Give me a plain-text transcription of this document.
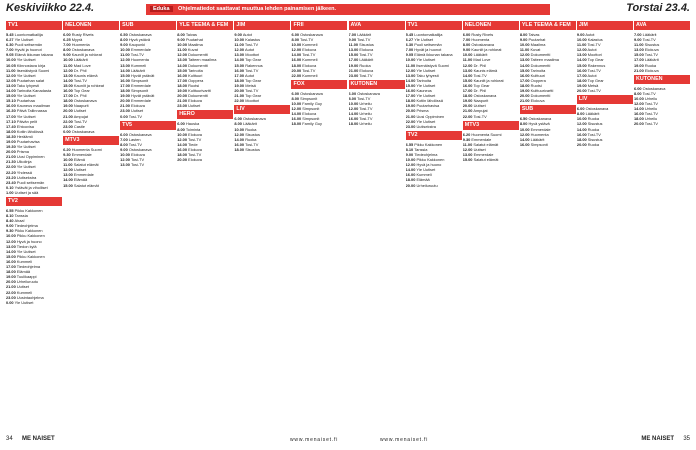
Keskiviikko 22.4.	Eduka Ohjelmatiedot saattavat muuttua lehden painamisen jälkeen.	Torstai 23.4.
TV1
5.45 Luontomatkailija
6.27 Yle Uutiset
6.30 Puoli seitsemän
7.00 Hyvät ja huonot
9.05 Elämä ikkunan takana
10.00 Yle Uutiset
10.05 Kiinnostava kirja
11.00 Itsenäistyvä Suomi
12.00 Yle Uutiset
12.05 Puutarhan salat
13.00 Taku lyhyesti
14.00 Tarinoita Kanadasta
15.00 Yle Uutiset
15.10 Puutarhaa
16.00 Kauneus maailman
16.30 Päivä Tallinnassa
17.00 Yle Uutiset
17.10 Päivän pelit
17.40 Ehtoovisa
18.00 Kotiin lähdössä
18.30 Heräämö
19.00 Puutarhavisa
19.30 Yle Uutiset
20.00 Prisma
21.00 Uusi Oppiminen
21.30 Ulkolinja
22.00 Yle Uutiset
22.20 Yhdessä
23.20 Uutisekstra
23.40 Puoli seitsemän
0.10 Ystävät ja viholliset
1.00 Uutiset ja sää
TV2
6.55 Pikku Kakkonen
8.10 Tanssia
8.40 Ahaa!
9.00 Tiedeohjelma
9.30 Pikku Kakkonen
10.00 Pikku Kakkonen
12.00 Hyvä ja huono
13.00 Tiedon kylä
14.00 Yle Uutiset
15.00 Pikku Kakkonen
16.00 Kummeli
17.00 Tiedeohjelma
18.00 Elämää
19.00 Tuulikaappi
20.00 Urheiluruutu
21.00 Uutiset
22.00 Kummeli
23.00 Uusintaohjelma
0.00 Yle Uutiset
NELONEN
6.00 Rusty Rivets
6.25 Myyrä
7.00 Huomenta
8.00 Ostoskanava
9.00 Kauniit ja rohkeat
10.00 Lääkärit
11.00 Mad Love
12.00 Dr. Phil
13.00 Kaunis elämä
14.00 Tosi-TV
15.00 Kauniit ja rohkeat
16.00 Top Gear
17.00 Dr. Phil
18.00 Ostoskanava
19.00 Naapurit
20.00 Uutiset
21.00 Ampujat
22.00 Tosi-TV
23.00 Castle
0.00 Ostoskanava
MTV3
6.20 Huomenta Suomi
9.30 Emmerdale
10.00 Elämä
11.00 Salatut elämät
12.00 Uutiset
13.00 Emmerdale
14.00 Elämää
15.00 Salatut elämät
SUB
6.50 Ostoskanava
8.00 Hyvä ystävä
9.00 Kaupunki
10.00 Emmerdale
11.00 Tosi-TV
12.00 Huomenta
13.00 Kummeli
14.00 Lääkärit
15.00 Hyvät ystävät
16.00 Simpsonit
17.00 Emmerdale
18.00 Simpsonit
19.00 Hyvät ystävät
20.00 Emmerdale
21.00 Elokuva
23.00 Uutiset
0.00 Tosi-TV
TV5
6.00 Ostoskanava
7.00 Lasten
8.00 Tosi-TV
9.00 Ostoskanava
10.00 Elokuva
12.00 Tosi-TV
13.00 Tosi-TV
YLE TEEMA & FEM
8.00 Taivas
9.00 Puutarhat
10.00 Maailma
11.00 Kuvat
12.00 Dokumentti
13.00 Taiteen maailma
14.00 Dokumentti
15.00 Tarinoita
16.00 Kulttuuri
17.00 Ooppera
18.00 Ruotsi
19.00 Kulttuurivartti
20.00 Dokumentti
21.00 Elokuva
23.00 Uutiset
HERO
6.00 Hauska
8.00 Toiminta
10.00 Elokuva
12.00 Tosi-TV
14.00 Tiede
16.00 Elokuva
18.00 Tosi-TV
20.00 Elokuva
JIM
9.00 Autot
10.00 Kalastus
11.00 Tosi-TV
12.00 Autot
13.00 Moottori
14.00 Top Gear
15.00 Rakennus
16.00 Tosi-TV
17.00 Autot
18.00 Top Gear
19.00 Metsä
20.00 Tosi-TV
21.00 Top Gear
22.00 Moottori
LIV
6.00 Ostoskanava
8.00 Lääkärit
10.00 Ruoka
12.00 Sisustus
14.00 Ruoka
16.00 Tosi-TV
18.00 Sisustus
FRII
6.00 Ostoskanava
8.00 Tosi-TV
10.00 Kummeli
12.00 Elokuva
14.00 Tosi-TV
16.00 Kummeli
18.00 Elokuva
20.00 Tosi-TV
22.00 Kummeli
FOX
6.00 Ostoskanava
8.00 Simpsonit
10.00 Family Guy
12.00 Simpsonit
14.00 Elokuva
16.00 Simpsonit
18.00 Family Guy
AVA
7.00 Lääkärit
9.00 Tosi-TV
11.00 Sisustus
13.00 Elokuva
15.00 Tosi-TV
17.00 Lääkärit
19.00 Ruoka
21.00 Elokuva
23.00 Tosi-TV
KUTONEN
6.00 Ostoskanava
8.00 Tosi-TV
10.00 Urheilu
12.00 Tosi-TV
14.00 Urheilu
16.00 Tosi-TV
18.00 Urheilu
TV1
5.45 Luontomatkailija
6.27 Yle Uutiset
6.30 Puoli seitsemän
7.00 Hyvät ja huonot
9.05 Elämä ikkunan takana
10.00 Yle Uutiset
11.00 Itsenäistyvä Suomi
12.00 Yle Uutiset
13.00 Taku lyhyesti
14.00 Tarinoita
15.00 Yle Uutiset
16.00 Kauneus
17.00 Yle Uutiset
18.00 Kotiin lähdössä
19.00 Puutarhavisa
20.00 Prisma
21.00 Uusi Oppiminen
22.00 Yle Uutiset
23.00 Uutisekstra
TV2
6.55 Pikku Kakkonen
8.10 Tanssia
9.00 Tiedeohjelma
10.00 Pikku Kakkonen
12.00 Hyvä ja huono
14.00 Yle Uutiset
16.00 Kummeli
18.00 Elämää
20.00 Urheiluruutu
NELONEN
6.00 Rusty Rivets
7.00 Huomenta
8.00 Ostoskanava
9.00 Kauniit ja rohkeat
10.00 Lääkärit
11.00 Mad Love
12.00 Dr. Phil
13.00 Kaunis elämä
14.00 Tosi-TV
15.00 Kauniit ja rohkeat
16.00 Top Gear
17.00 Dr. Phil
18.00 Ostoskanava
19.00 Naapurit
20.00 Uutiset
21.00 Ampujat
22.00 Tosi-TV
MTV3
6.20 Huomenta Suomi
9.30 Emmerdale
11.00 Salatut elämät
12.00 Uutiset
13.00 Emmerdale
15.00 Salatut elämät
YLE TEEMA & FEM
8.00 Taivas
9.00 Puutarhat
10.00 Maailma
11.00 Kuvat
12.00 Dokumentti
13.00 Taiteen maailma
14.00 Dokumentti
15.00 Tarinoita
16.00 Kulttuuri
17.00 Ooppera
18.00 Ruotsi
19.00 Kulttuurivartti
20.00 Dokumentti
21.00 Elokuva
SUB
6.50 Ostoskanava
8.00 Hyvä ystävä
10.00 Emmerdale
12.00 Huomenta
14.00 Lääkärit
16.00 Simpsonit
JIM
9.00 Autot
10.00 Kalastus
11.00 Tosi-TV
12.00 Autot
13.00 Moottori
14.00 Top Gear
15.00 Rakennus
16.00 Tosi-TV
17.00 Autot
18.00 Top Gear
19.00 Metsä
20.00 Tosi-TV
LIV
6.00 Ostoskanava
8.00 Lääkärit
10.00 Ruoka
12.00 Sisustus
14.00 Ruoka
16.00 Tosi-TV
18.00 Sisustus
20.00 Ruoka
AVA
7.00 Lääkärit
9.00 Tosi-TV
11.00 Sisustus
13.00 Elokuva
15.00 Tosi-TV
17.00 Lääkärit
19.00 Ruoka
21.00 Elokuva
KUTONEN
6.00 Ostoskanava
8.00 Tosi-TV
10.00 Urheilu
12.00 Tosi-TV
14.00 Urheilu
16.00 Tosi-TV
18.00 Urheilu
20.00 Tosi-TV
34 ME NAISET	www.menaiset.fi	www.menaiset.fi	ME NAISET 35
